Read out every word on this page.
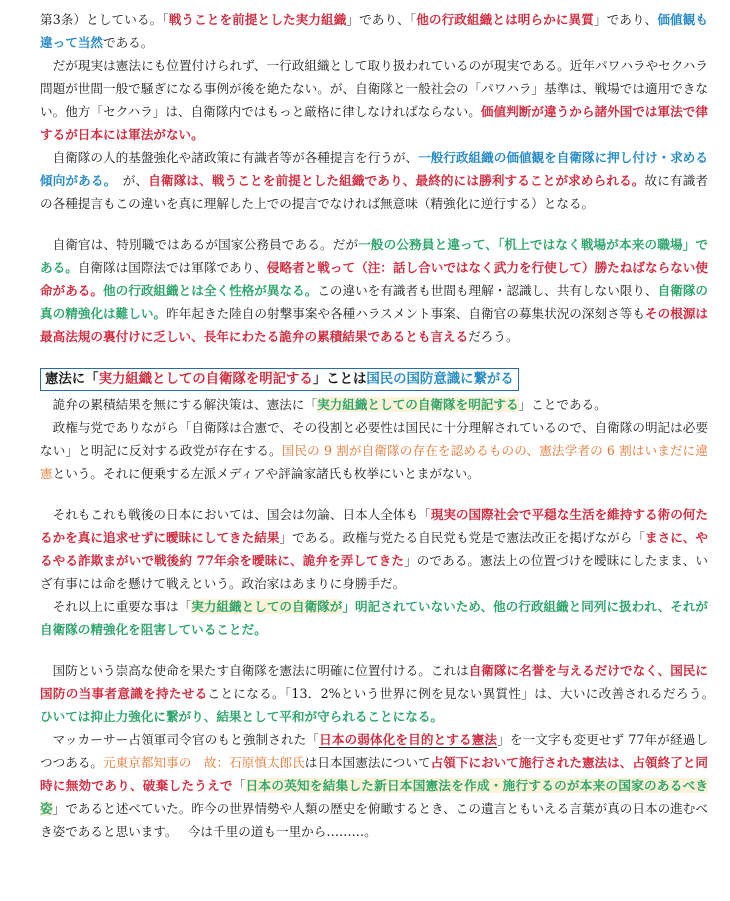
第3条）としている。「戦うことを前提とした実力組織」であり、「他の行政組織とは明らかに異質」であり、価値観も違って当然である。

だが現実は憲法にも位置付けられず、一行政組織として取り扱われているのが現実である。近年パワハラやセクハラ問題が世間一般で騒ぎになる事例が後を絶たない。が、自衛隊と一般社会の「パワハラ」基準は、戦場では適用できない。他方「セクハラ」は、自衛隊内ではもっと厳格に律しなければならない。価値判断が違うから諸外国では軍法で律するが日本には軍法がない。

自衛隊の人的基盤強化や諸政策に有識者等が各種提言を行うが、一般行政組織の価値観を自衛隊に押し付け・求める傾向がある。　が、自衛隊は、戦うことを前提とした組織であり、最終的には勝利することが求められる。故に有識者の各種提言もこの違いを真に理解した上での提言でなければ無意味（精強化に逆行する）となる。

自衛官は、特別職ではあるが国家公務員である。だが一般の公務員と違って、「机上ではなく戦場が本来の職場」である。自衛隊は国際法では軍隊であり、侵略者と戦って（注：話し合いではなく武力を行使して）勝たねばならない使命がある。他の行政組織とは全く性格が異なる。この違いを有識者も世間も理解・認識し、共有しない限り、自衛隊の真の精強化は難しい。昨年起きた陸自の射撃事案や各種ハラスメント事案、自衛官の募集状況の深刻さ等もその根源は最高法規の裏付けに乏しい、長年にわたる詭弁の累積結果であるとも言えるだろう。

憲法に「実力組織としての自衛隊を明記する」ことは国民の国防意識に繋がる

詭弁の累積結果を無にする解決策は、憲法に「実力組織としての自衛隊を明記する」ことである。

政権与党でありながら「自衛隊は合憲で、その役割と必要性は国民に十分理解されているので、自衛隊の明記は必要ない」と明記に反対する政党が存在する。国民の 9 割が自衛隊の存在を認めるものの、憲法学者の 6 割はいまだに違憲という。それに便乗する左派メディアや評論家諸氏も枚挙にいとまがない。

それもこれも戦後の日本においては、国会は勿論、日本人全体も「現実の国際社会で平穏な生活を維持する術の何たるかを真に追求せずに曖昧にしてきた結果」である。政権与党たる自民党も党是で憲法改正を掲げながら「まさに、やるやる詐欺まがいで戦後約 77年余を曖昧に、詭弁を弄してきた」のである。憲法上の位置づけを曖昧にしたまま、いざ有事には命を懸けて戦えという。政治家はあまりに身勝手だ。

それ以上に重要な事は「実力組織としての自衛隊が」明記されていないため、他の行政組織と同列に扱われ、それが自衛隊の精強化を阻害していることだ。

国防という崇高な使命を果たす自衛隊を憲法に明確に位置付ける。これは自衛隊に名誉を与えるだけでなく、国民に国防の当事者意識を持たせることになる。「13．2%という世界に例を見ない異質性」は、大いに改善されるだろう。　ひいては抑止力強化に繋がり、結果として平和が守られることになる。

マッカーサー占領軍司令官のもと強制された「日本の弱体化を目的とする憲法」を一文字も変更せず 77年が経過しつつある。元東京都知事の　故：石原慎太郎氏は日本国憲法について占領下において施行された憲法は、占領終了と同時に無効であり、破棄したうえで「日本の英知を結集した新日本国憲法を作成・施行するのが本来の国家のあるべき姿」であると述べていた。昨今の世界情勢や人類の歴史を俯瞰するとき、この遺言ともいえる言葉が真の日本の進むべき姿であると思います。　 今は千里の道も一里から………。
